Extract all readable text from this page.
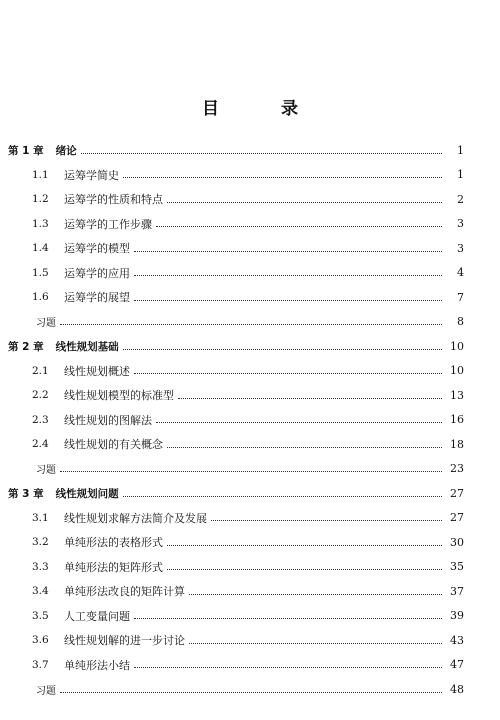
目 录
第 1 章 绪论	1
1.1	运筹学简史	1
1.2	运筹学的性质和特点	2
1.3	运筹学的工作步骤	3
1.4	运筹学的模型	3
1.5	运筹学的应用	4
1.6	运筹学的展望	7
习题	8
第 2 章 线性规划基础	10
2.1	线性规划概述	10
2.2	线性规划模型的标准型	13
2.3	线性规划的图解法	16
2.4	线性规划的有关概念	18
习题	23
第 3 章 线性规划问题	27
3.1	线性规划求解方法简介及发展	27
3.2	单纯形法的表格形式	30
3.3	单纯形法的矩阵形式	35
3.4	单纯形法改良的矩阵计算	37
3.5	人工变量问题	39
3.6	线性规划解的进一步讨论	43
3.7	单纯形法小结	47
习题	48
